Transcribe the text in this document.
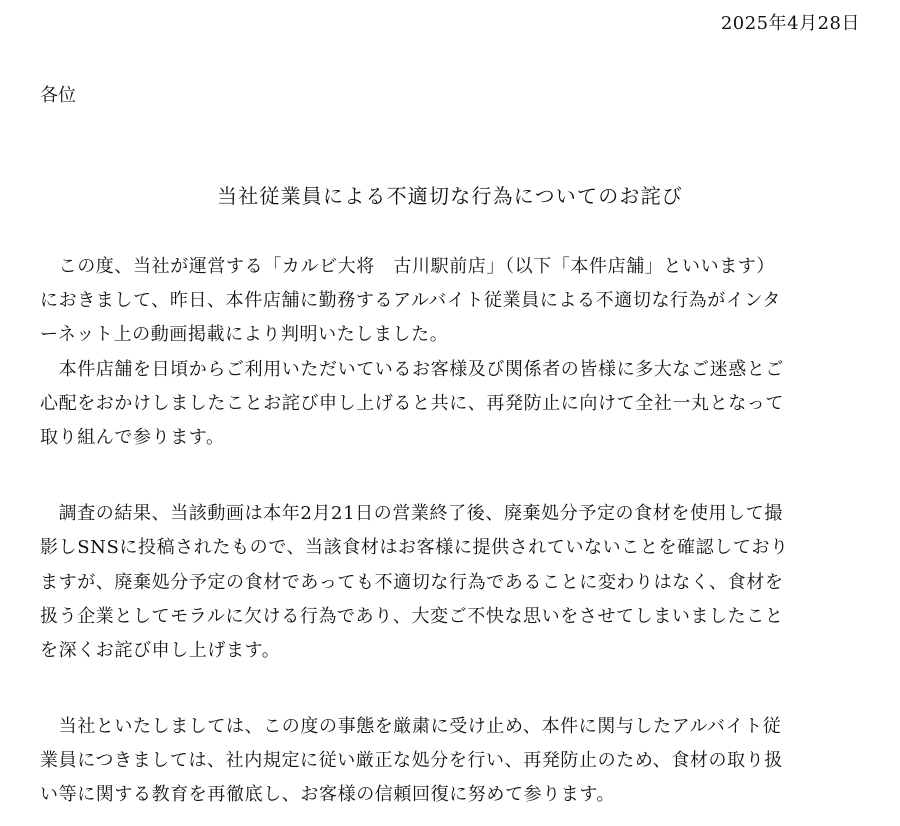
2025年4月28日
各位
当社従業員による不適切な行為についてのお詫び
　この度、当社が運営する「カルビ大将　古川駅前店」（以下「本件店舗」といいます）
におきまして、昨日、本件店舗に勤務するアルバイト従業員による不適切な行為がインタ
ーネット上の動画掲載により判明いたしました。
　本件店舗を日頃からご利用いただいているお客様及び関係者の皆様に多大なご迷惑とご
心配をおかけしましたことお詫び申し上げると共に、再発防止に向けて全社一丸となって
取り組んで参ります。
　調査の結果、当該動画は本年2月21日の営業終了後、廃棄処分予定の食材を使用して撮
影しSNSに投稿されたもので、当該食材はお客様に提供されていないことを確認しており
ますが、廃棄処分予定の食材であっても不適切な行為であることに変わりはなく、食材を
扱う企業としてモラルに欠ける行為であり、大変ご不快な思いをさせてしまいましたこと
を深くお詫び申し上げます。
　当社といたしましては、この度の事態を厳粛に受け止め、本件に関与したアルバイト従
業員につきましては、社内規定に従い厳正な処分を行い、再発防止のため、食材の取り扱
い等に関する教育を再徹底し、お客様の信頼回復に努めて参ります。
